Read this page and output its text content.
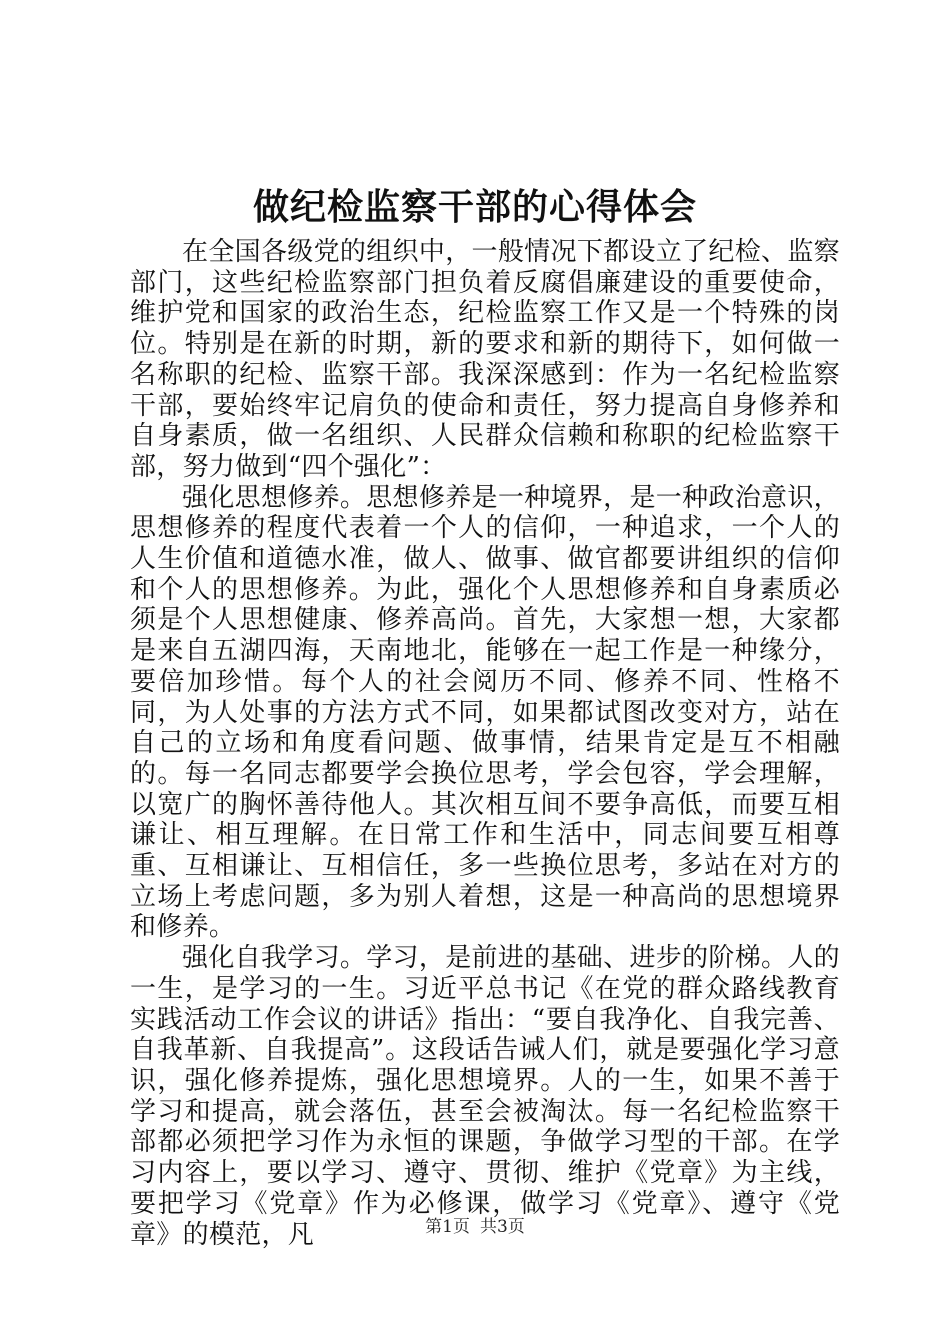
做纪检监察干部的心得体会

在全国各级党的组织中，一般情况下都设立了纪检、监察部门，这些纪检监察部门担负着反腐倡廉建设的重要使命，维护党和国家的政治生态，纪检监察工作又是一个特殊的岗位。特别是在新的时期，新的要求和新的期待下，如何做一名称职的纪检、监察干部。我深深感到：作为一名纪检监察干部，要始终牢记肩负的使命和责任，努力提高自身修养和自身素质，做一名组织、人民群众信赖和称职的纪检监察干部，努力做到“四个强化”：

强化思想修养。思想修养是一种境界，是一种政治意识，思想修养的程度代表着一个人的信仰，一种追求，一个人的人生价值和道德水准，做人、做事、做官都要讲组织的信仰和个人的思想修养。为此，强化个人思想修养和自身素质必须是个人思想健康、修养高尚。首先，大家想一想，大家都是来自五湖四海，天南地北，能够在一起工作是一种缘分，要倍加珍惜。每个人的社会阅历不同、修养不同、性格不同，为人处事的方法方式不同，如果都试图改变对方，站在自己的立场和角度看问题、做事情，结果肯定是互不相融的。每一名同志都要学会换位思考，学会包容，学会理解，以宽广的胸怀善待他人。其次相互间不要争高低，而要互相谦让、相互理解。在日常工作和生活中，同志间要互相尊重、互相谦让、互相信任，多一些换位思考，多站在对方的立场上考虑问题，多为别人着想，这是一种高尚的思想境界和修养。

强化自我学习。学习，是前进的基础、进步的阶梯。人的一生，是学习的一生。习近平总书记《在党的群众路线教育实践活动工作会议的讲话》指出：“要自我净化、自我完善、自我革新、自我提高”。这段话告诫人们，就是要强化学习意识，强化修养提炼，强化思想境界。人的一生，如果不善于学习和提高，就会落伍，甚至会被淘汰。每一名纪检监察干部都必须把学习作为永恒的课题，争做学习型的干部。在学习内容上，要以学习、遵守、贯彻、维护《党章》为主线，要把学习《党章》作为必修课，做学习《党章》、遵守《党章》的模范，凡	第1页 共3页
